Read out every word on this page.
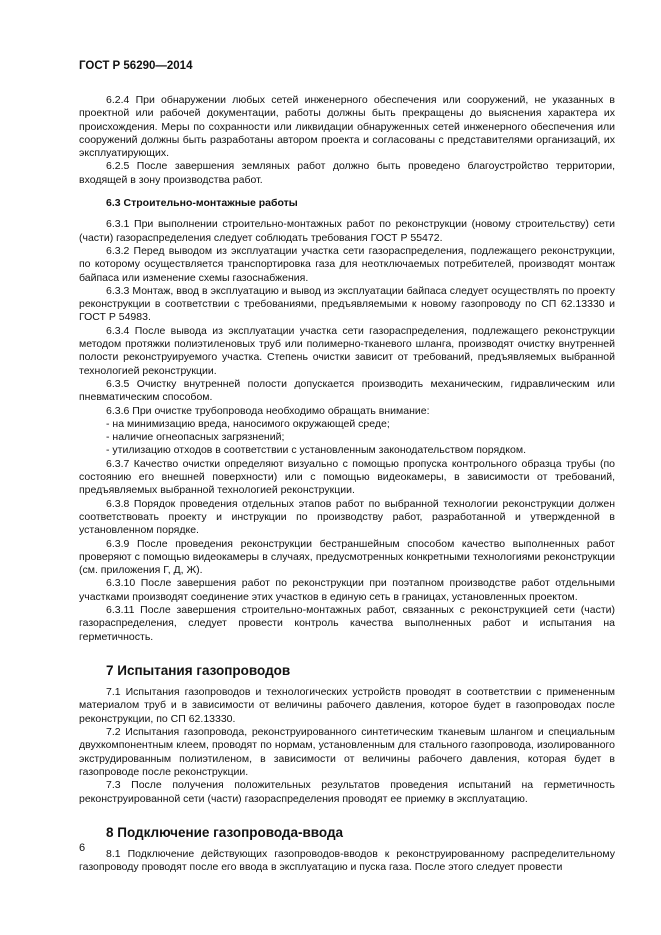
ГОСТ Р 56290—2014

6.2.4 При обнаружении любых сетей инженерного обеспечения или сооружений, не указанных в проектной или рабочей документации, работы должны быть прекращены до выяснения характера их происхождения. Меры по сохранности или ликвидации обнаруженных сетей инженерного обеспечения или сооружений должны быть разработаны автором проекта и согласованы с представителями организаций, их эксплуатирующих.

6.2.5 После завершения земляных работ должно быть проведено благоустройство территории, входящей в зону производства работ.

6.3 Строительно-монтажные работы

6.3.1 При выполнении строительно-монтажных работ по реконструкции (новому строительству) сети (части) газораспределения следует соблюдать требования ГОСТ Р 55472.

6.3.2 Перед выводом из эксплуатации участка сети газораспределения, подлежащего реконструкции, по которому осуществляется транспортировка газа для неотключаемых потребителей, производят монтаж байпаса или изменение схемы газоснабжения.

6.3.3 Монтаж, ввод в эксплуатацию и вывод из эксплуатации байпаса следует осуществлять по проекту реконструкции в соответствии с требованиями, предъявляемыми к новому газопроводу по СП 62.13330 и ГОСТ Р 54983.

6.3.4 После вывода из эксплуатации участка сети газораспределения, подлежащего реконструкции методом протяжки полиэтиленовых труб или полимерно-тканевого шланга, производят очистку внутренней полости реконструируемого участка. Степень очистки зависит от требований, предъявляемых выбранной технологией реконструкции.

6.3.5 Очистку внутренней полости допускается производить механическим, гидравлическим или пневматическим способом.

6.3.6 При очистке трубопровода необходимо обращать внимание:

- на минимизацию вреда, наносимого окружающей среде;

- наличие огнеопасных загрязнений;

- утилизацию отходов в соответствии с установленным законодательством порядком.

6.3.7 Качество очистки определяют визуально с помощью пропуска контрольного образца трубы (по состоянию его внешней поверхности) или с помощью видеокамеры, в зависимости от требований, предъявляемых выбранной технологией реконструкции.

6.3.8 Порядок проведения отдельных этапов работ по выбранной технологии реконструкции должен соответствовать проекту и инструкции по производству работ, разработанной и утвержденной в установленном порядке.

6.3.9 После проведения реконструкции бестраншейным способом качество выполненных работ проверяют с помощью видеокамеры в случаях, предусмотренных конкретными технологиями реконструкции (см. приложения Г, Д, Ж).

6.3.10 После завершения работ по реконструкции при поэтапном производстве работ отдельными участками производят соединение этих участков в единую сеть в границах, установленных проектом.

6.3.11 После завершения строительно-монтажных работ, связанных с реконструкцией сети (части) газораспределения, следует провести контроль качества выполненных работ и испытания на герметичность.

7 Испытания газопроводов

7.1 Испытания газопроводов и технологических устройств проводят в соответствии с примененным материалом труб и в зависимости от величины рабочего давления, которое будет в газопроводах после реконструкции, по СП 62.13330.

7.2 Испытания газопровода, реконструированного синтетическим тканевым шлангом и специальным двухкомпонентным клеем, проводят по нормам, установленным для стального газопровода, изолированного экструдированным полиэтиленом, в зависимости от величины рабочего давления, которая будет в газопроводе после реконструкции.

7.3 После получения положительных результатов проведения испытаний на герметичность реконструированной сети (части) газораспределения проводят ее приемку в эксплуатацию.

8 Подключение газопровода-ввода

8.1 Подключение действующих газопроводов-вводов к реконструированному распределительному газопроводу проводят после его ввода в эксплуатацию и пуска газа. После этого следует провести

6
